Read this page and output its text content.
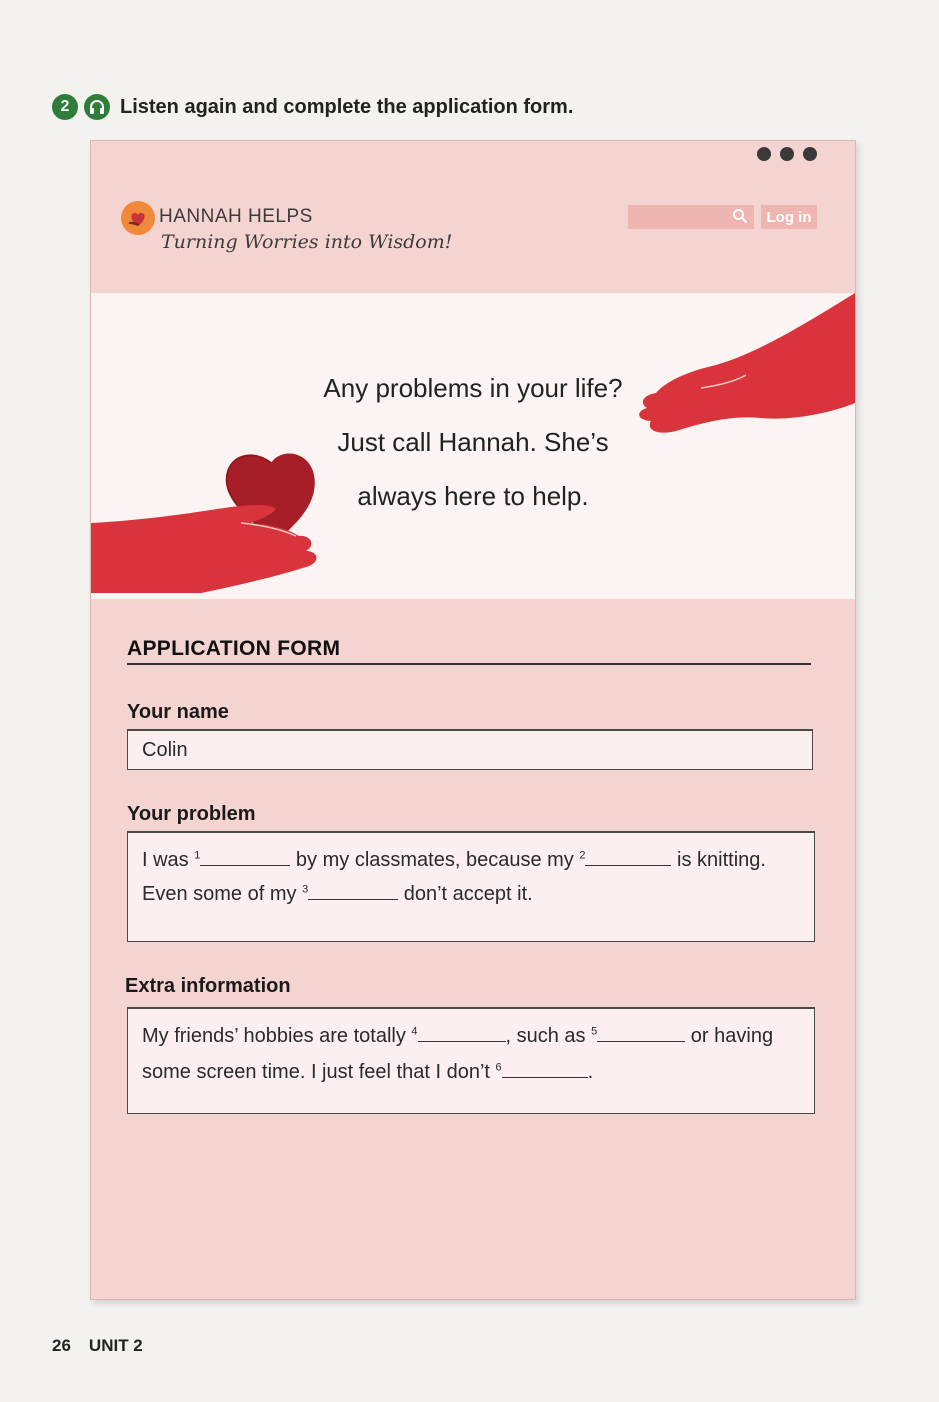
2	Listen again and complete the application form.
HANNAH HELPS
Turning Worries into Wisdom!
Log in
Any problems in your life?
Just call Hannah. She’s
always here to help.
APPLICATION FORM
Your name
Colin
Your problem
I was $^1$	by my classmates, because my $^2$	is knitting.
Even some of my $^3$	don’t accept it.
Extra information
My friends’ hobbies are totally $^4$	, such as $^5$	or having
some screen time. I just feel that I don’t $^6$	.
26 UNIT 2
